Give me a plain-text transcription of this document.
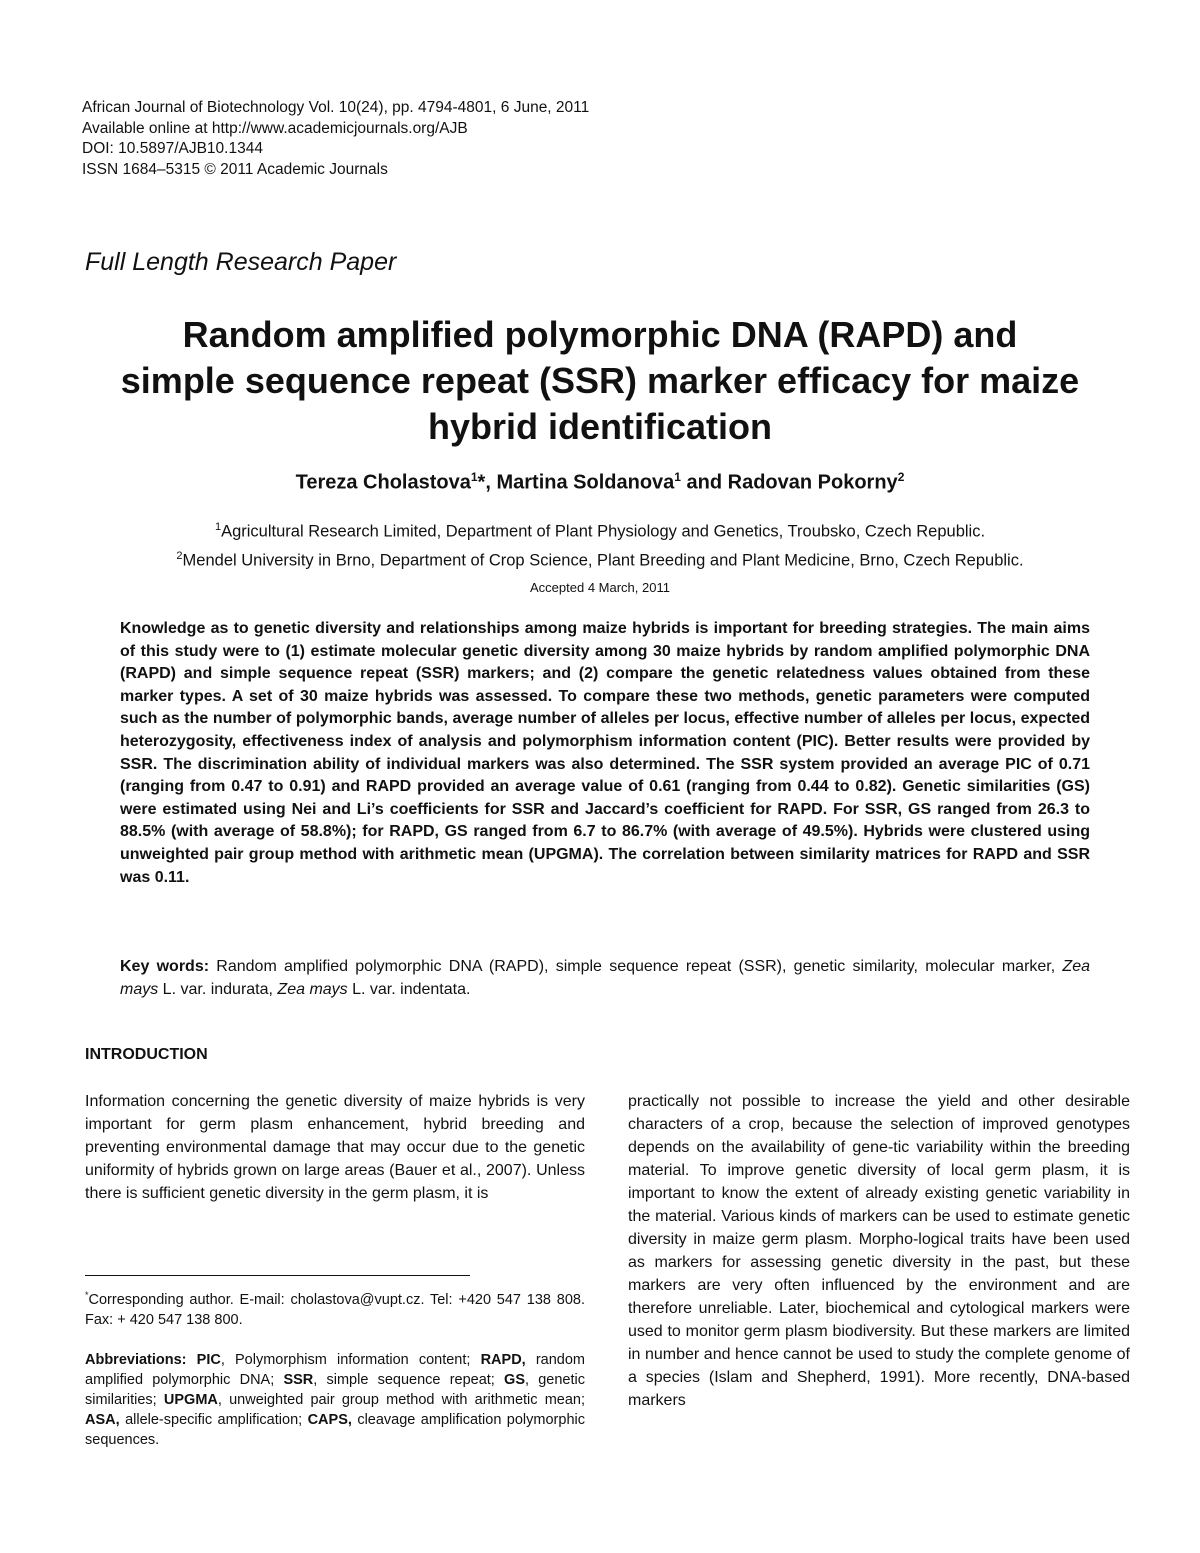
African Journal of Biotechnology Vol. 10(24), pp. 4794-4801, 6 June, 2011
Available online at http://www.academicjournals.org/AJB
DOI: 10.5897/AJB10.1344
ISSN 1684–5315 © 2011 Academic Journals
Full Length Research Paper
Random amplified polymorphic DNA (RAPD) and
simple sequence repeat (SSR) marker efficacy for maize
hybrid identification
Tereza Cholastova$^1$*, Martina Soldanova$^1$ and Radovan Pokorny$^2$
$^1$Agricultural Research Limited, Department of Plant Physiology and Genetics, Troubsko, Czech Republic.
$^2$Mendel University in Brno, Department of Crop Science, Plant Breeding and Plant Medicine, Brno, Czech Republic.
Accepted 4 March, 2011
Knowledge as to genetic diversity and relationships among maize hybrids is important for breeding strategies. The main aims of this study were to (1) estimate molecular genetic diversity among 30 maize hybrids by random amplified polymorphic DNA (RAPD) and simple sequence repeat (SSR) markers; and (2) compare the genetic relatedness values obtained from these marker types. A set of 30 maize hybrids was assessed. To compare these two methods, genetic parameters were computed such as the number of polymorphic bands, average number of alleles per locus, effective number of alleles per locus, expected heterozygosity, effectiveness index of analysis and polymorphism information content (PIC). Better results were provided by SSR. The discrimination ability of individual markers was also determined. The SSR system provided an average PIC of 0.71 (ranging from 0.47 to 0.91) and RAPD provided an average value of 0.61 (ranging from 0.44 to 0.82). Genetic similarities (GS) were estimated using Nei and Li’s coefficients for SSR and Jaccard’s coefficient for RAPD. For SSR, GS ranged from 26.3 to 88.5% (with average of 58.8%); for RAPD, GS ranged from 6.7 to 86.7% (with average of 49.5%). Hybrids were clustered using unweighted pair group method with arithmetic mean (UPGMA). The correlation between similarity matrices for RAPD and SSR was 0.11.
Key words: Random amplified polymorphic DNA (RAPD), simple sequence repeat (SSR), genetic similarity, molecular marker, Zea mays L. var. indurata, Zea mays L. var. indentata.
INTRODUCTION
Information concerning the genetic diversity of maize hybrids is very important for germ plasm enhancement, hybrid breeding and preventing environmental damage that may occur due to the genetic uniformity of hybrids grown on large areas (Bauer et al., 2007). Unless there is sufficient genetic diversity in the germ plasm, it is
practically not possible to increase the yield and other desirable characters of a crop, because the selection of improved genotypes depends on the availability of gene-tic variability within the breeding material. To improve genetic diversity of local germ plasm, it is important to know the extent of already existing genetic variability in the material. Various kinds of markers can be used to estimate genetic diversity in maize germ plasm. Morpho-logical traits have been used as markers for assessing genetic diversity in the past, but these markers are very often influenced by the environment and are therefore unreliable. Later, biochemical and cytological markers were used to monitor germ plasm biodiversity. But these markers are limited in number and hence cannot be used to study the complete genome of a species (Islam and Shepherd, 1991). More recently, DNA-based markers
*Corresponding author. E-mail: cholastova@vupt.cz. Tel: +420 547 138 808. Fax: + 420 547 138 800.
Abbreviations: PIC, Polymorphism information content; RAPD, random amplified polymorphic DNA; SSR, simple sequence repeat; GS, genetic similarities; UPGMA, unweighted pair group method with arithmetic mean; ASA, allele-specific amplification; CAPS, cleavage amplification polymorphic sequences.
